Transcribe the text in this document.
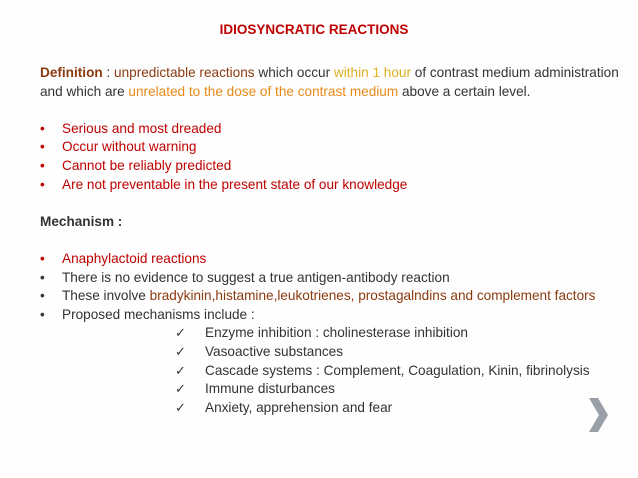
IDIOSYNCRATIC REACTIONS

Definition : unpredictable reactions which occur within 1 hour of contrast medium administration and which are unrelated to the dose of the contrast medium above a certain level.

• Serious and most dreaded
• Occur without warning
• Cannot be reliably predicted
• Are not preventable in the present state of our knowledge

Mechanism :

• Anaphylactoid reactions
• There is no evidence to suggest a true antigen-antibody reaction
• These involve bradykinin,histamine,leukotrienes, prostagalndins and complement factors
• Proposed mechanisms include :
✓ Enzyme inhibition : cholinesterase inhibition
✓ Vasoactive substances
✓ Cascade systems : Complement, Coagulation, Kinin, fibrinolysis
✓ Immune disturbances
✓ Anxiety, apprehension and fear
